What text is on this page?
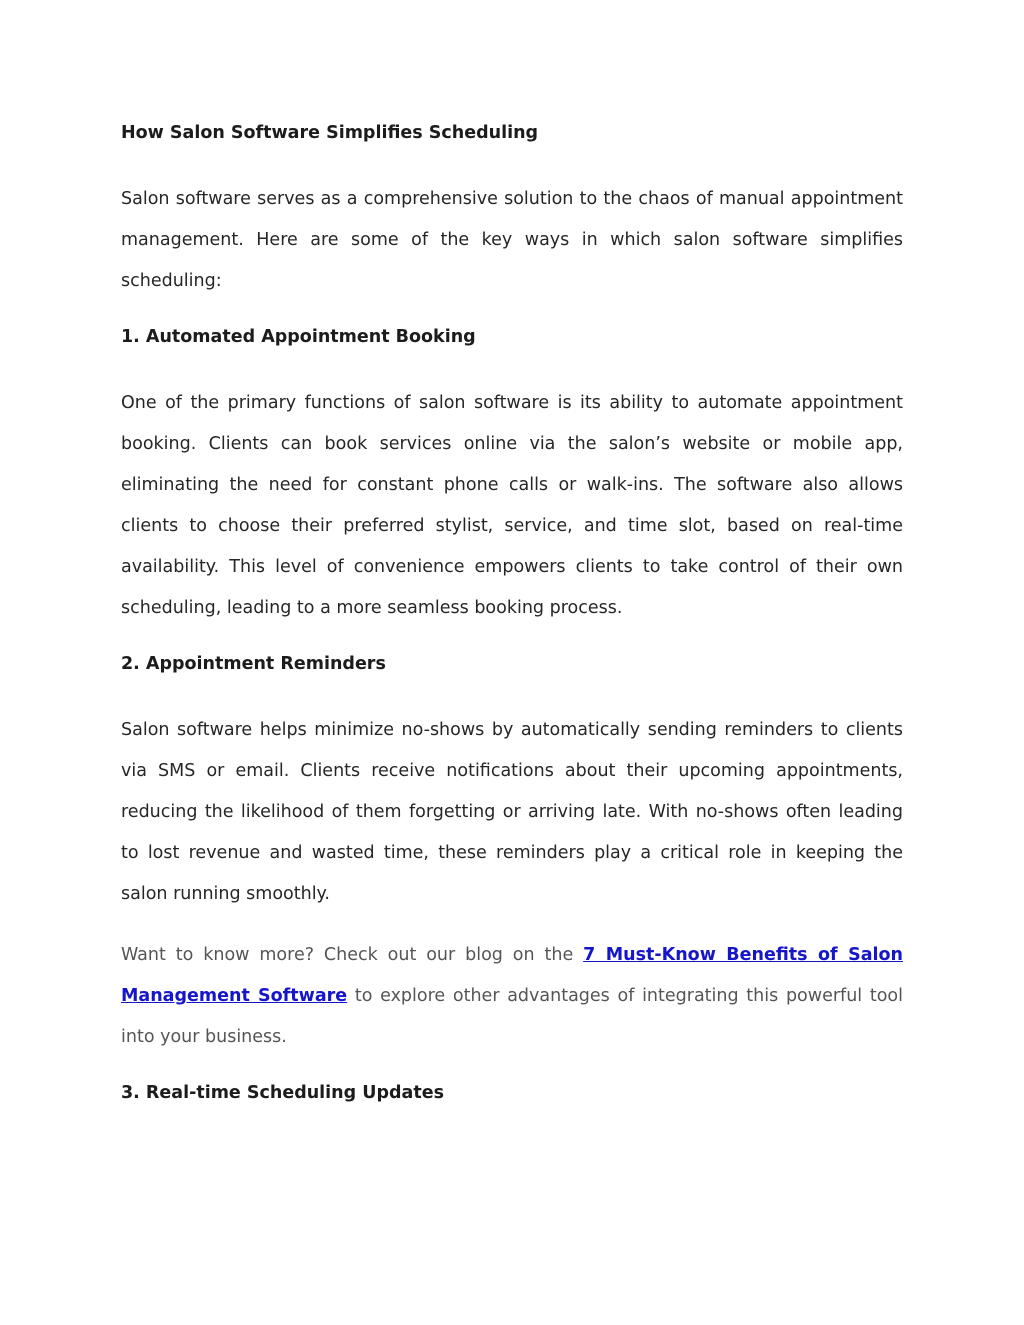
How Salon Software Simplifies Scheduling

Salon software serves as a comprehensive solution to the chaos of manual appointment management. Here are some of the key ways in which salon software simplifies scheduling:

1. Automated Appointment Booking

One of the primary functions of salon software is its ability to automate appointment booking. Clients can book services online via the salon’s website or mobile app, eliminating the need for constant phone calls or walk-ins. The software also allows clients to choose their preferred stylist, service, and time slot, based on real-time availability. This level of convenience empowers clients to take control of their own scheduling, leading to a more seamless booking process.

2. Appointment Reminders

Salon software helps minimize no-shows by automatically sending reminders to clients via SMS or email. Clients receive notifications about their upcoming appointments, reducing the likelihood of them forgetting or arriving late. With no-shows often leading to lost revenue and wasted time, these reminders play a critical role in keeping the salon running smoothly.

Want to know more? Check out our blog on the 7 Must-Know Benefits of Salon Management Software to explore other advantages of integrating this powerful tool into your business.

3. Real-time Scheduling Updates
